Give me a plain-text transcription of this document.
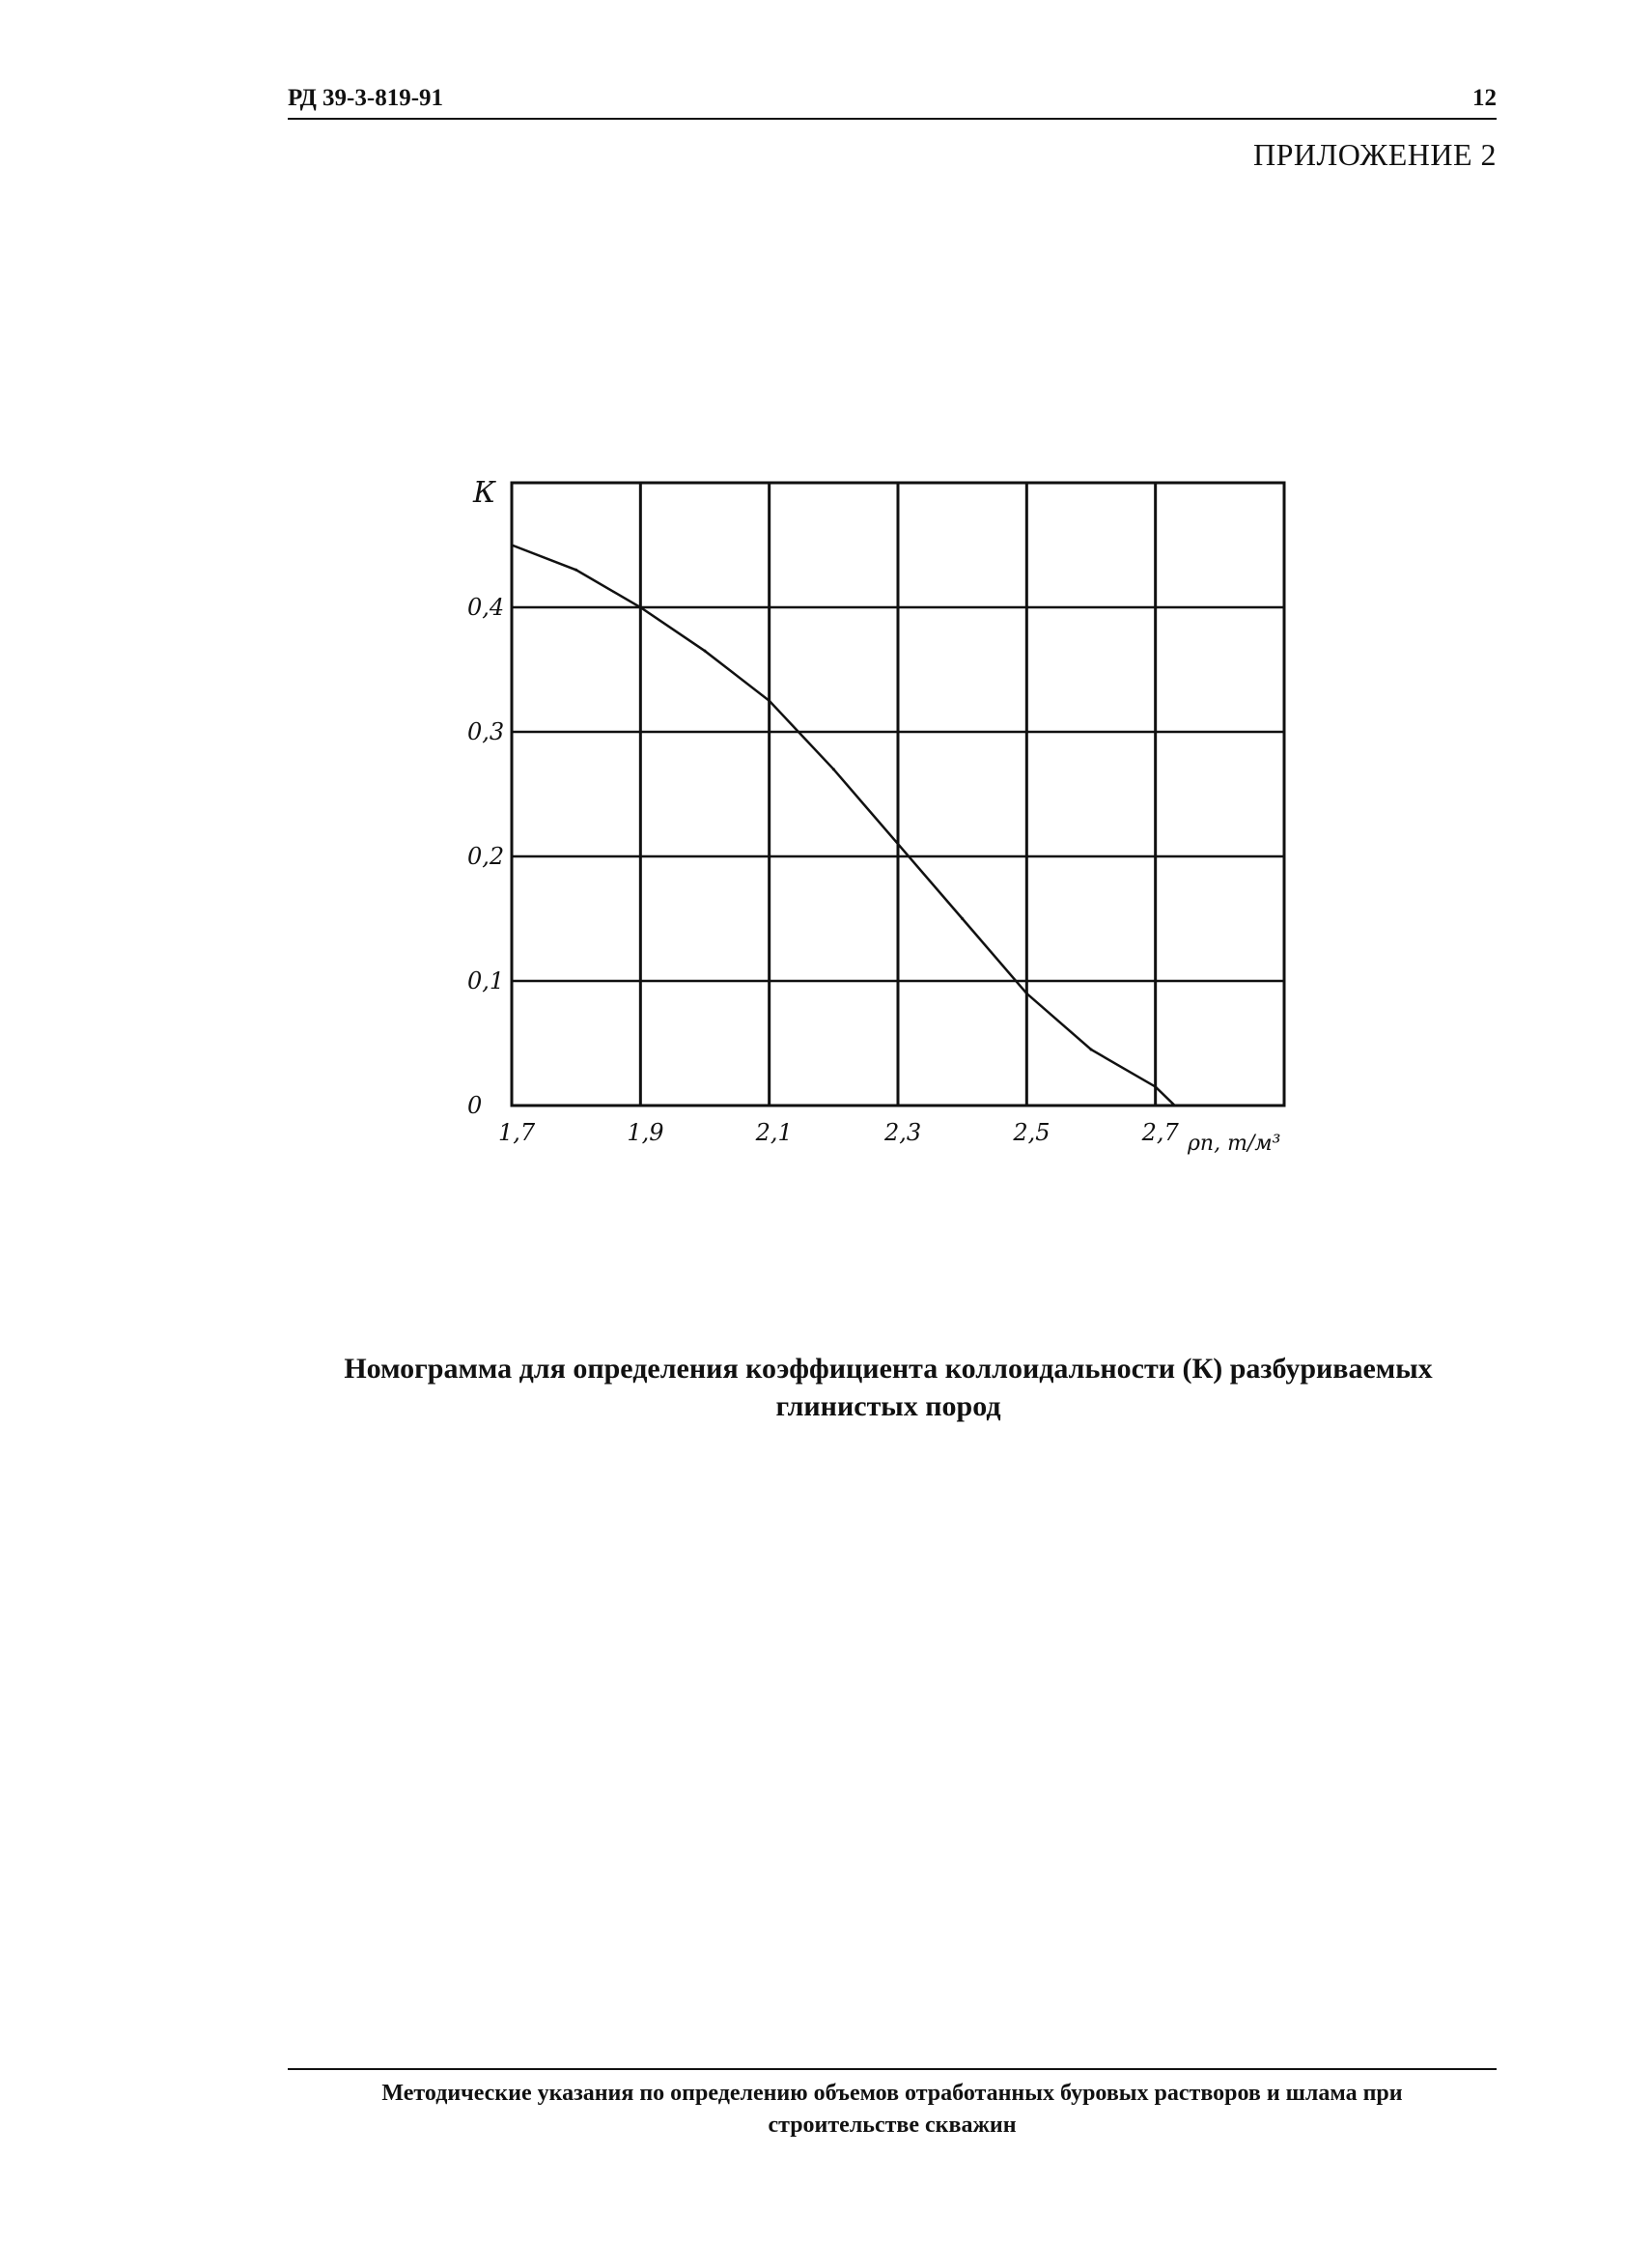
РД 39-3-819-91	12
ПРИЛОЖЕНИЕ 2
1,7	1,9	2,1	2,3	2,5	2,7
0
0,1
0,2
0,3
0,4
К
ρп, т/м³
Номограмма для определения коэффициента коллоидальности (К) разбуриваемых
глинистых пород
Методические указания по определению объемов отработанных буровых растворов и шлама при
строительстве скважин
